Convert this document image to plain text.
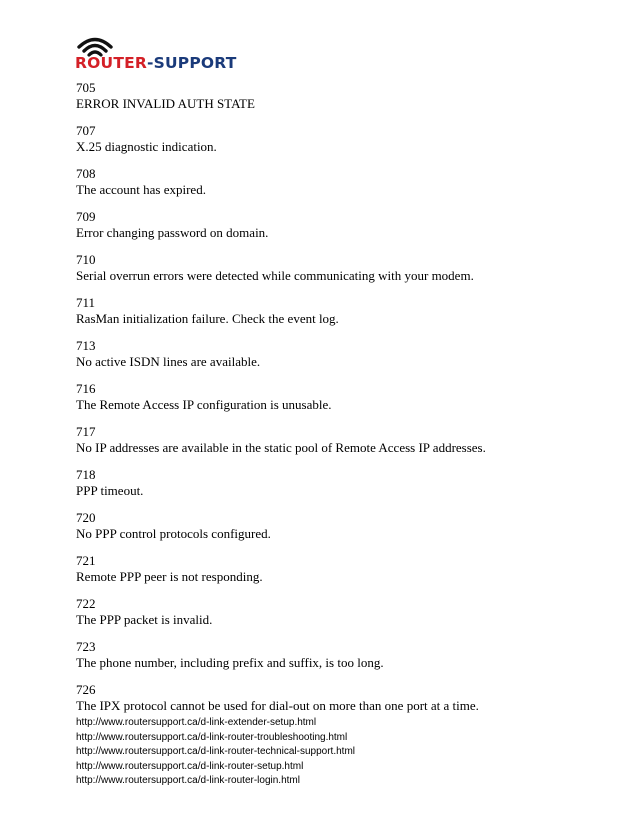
ROUTER-SUPPORT
705
ERROR INVALID AUTH STATE
707
X.25 diagnostic indication.
708
The account has expired.
709
Error changing password on domain.
710
Serial overrun errors were detected while communicating with your modem.
711
RasMan initialization failure. Check the event log.
713
No active ISDN lines are available.
716
The Remote Access IP configuration is unusable.
717
No IP addresses are available in the static pool of Remote Access IP addresses.
718
PPP timeout.
720
No PPP control protocols configured.
721
Remote PPP peer is not responding.
722
The PPP packet is invalid.
723
The phone number, including prefix and suffix, is too long.
726
The IPX protocol cannot be used for dial-out on more than one port at a time.
http://www.routersupport.ca/d-link-extender-setup.html
http://www.routersupport.ca/d-link-router-troubleshooting.html
http://www.routersupport.ca/d-link-router-technical-support.html
http://www.routersupport.ca/d-link-router-setup.html
http://www.routersupport.ca/d-link-router-login.html
